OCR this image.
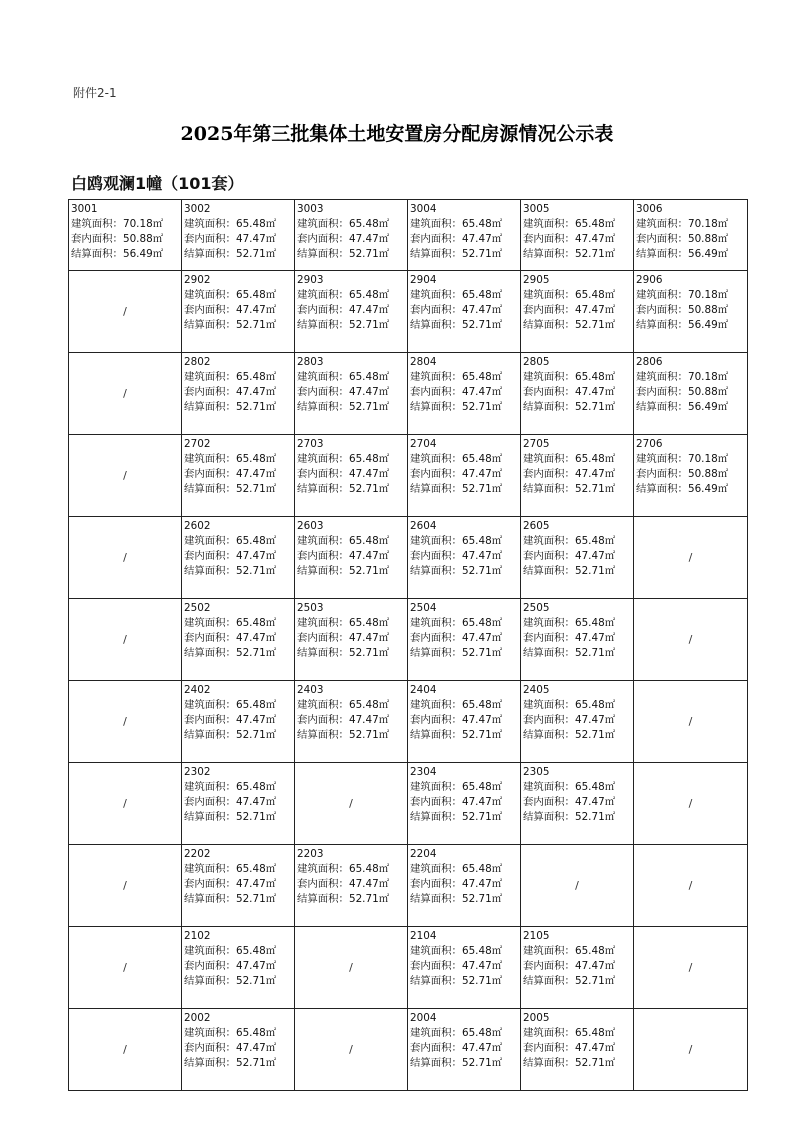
附件2-1
2025年第三批集体土地安置房分配房源情况公示表
白鸥观澜1幢（101套）
3001
建筑面积：70.18㎡
套内面积：50.88㎡
结算面积：56.49㎡	3002
建筑面积：65.48㎡
套内面积：47.47㎡
结算面积：52.71㎡	3003
建筑面积：65.48㎡
套内面积：47.47㎡
结算面积：52.71㎡	3004
建筑面积：65.48㎡
套内面积：47.47㎡
结算面积：52.71㎡	3005
建筑面积：65.48㎡
套内面积：47.47㎡
结算面积：52.71㎡	3006
建筑面积：70.18㎡
套内面积：50.88㎡
结算面积：56.49㎡

/	2902
建筑面积：65.48㎡
套内面积：47.47㎡
结算面积：52.71㎡	2903
建筑面积：65.48㎡
套内面积：47.47㎡
结算面积：52.71㎡	2904
建筑面积：65.48㎡
套内面积：47.47㎡
结算面积：52.71㎡	2905
建筑面积：65.48㎡
套内面积：47.47㎡
结算面积：52.71㎡	2906
建筑面积：70.18㎡
套内面积：50.88㎡
结算面积：56.49㎡

/	2802
建筑面积：65.48㎡
套内面积：47.47㎡
结算面积：52.71㎡	2803
建筑面积：65.48㎡
套内面积：47.47㎡
结算面积：52.71㎡	2804
建筑面积：65.48㎡
套内面积：47.47㎡
结算面积：52.71㎡	2805
建筑面积：65.48㎡
套内面积：47.47㎡
结算面积：52.71㎡	2806
建筑面积：70.18㎡
套内面积：50.88㎡
结算面积：56.49㎡

/	2702
建筑面积：65.48㎡
套内面积：47.47㎡
结算面积：52.71㎡	2703
建筑面积：65.48㎡
套内面积：47.47㎡
结算面积：52.71㎡	2704
建筑面积：65.48㎡
套内面积：47.47㎡
结算面积：52.71㎡	2705
建筑面积：65.48㎡
套内面积：47.47㎡
结算面积：52.71㎡	2706
建筑面积：70.18㎡
套内面积：50.88㎡
结算面积：56.49㎡

/	2602
建筑面积：65.48㎡
套内面积：47.47㎡
结算面积：52.71㎡	2603
建筑面积：65.48㎡
套内面积：47.47㎡
结算面积：52.71㎡	2604
建筑面积：65.48㎡
套内面积：47.47㎡
结算面积：52.71㎡	2605
建筑面积：65.48㎡
套内面积：47.47㎡
结算面积：52.71㎡	/
/	2502
建筑面积：65.48㎡
套内面积：47.47㎡
结算面积：52.71㎡	2503
建筑面积：65.48㎡
套内面积：47.47㎡
结算面积：52.71㎡	2504
建筑面积：65.48㎡
套内面积：47.47㎡
结算面积：52.71㎡	2505
建筑面积：65.48㎡
套内面积：47.47㎡
结算面积：52.71㎡	/
/	2402
建筑面积：65.48㎡
套内面积：47.47㎡
结算面积：52.71㎡	2403
建筑面积：65.48㎡
套内面积：47.47㎡
结算面积：52.71㎡	2404
建筑面积：65.48㎡
套内面积：47.47㎡
结算面积：52.71㎡	2405
建筑面积：65.48㎡
套内面积：47.47㎡
结算面积：52.71㎡	/
/	2302
建筑面积：65.48㎡
套内面积：47.47㎡
结算面积：52.71㎡	/	2304
建筑面积：65.48㎡
套内面积：47.47㎡
结算面积：52.71㎡	2305
建筑面积：65.48㎡
套内面积：47.47㎡
结算面积：52.71㎡	/
/	2202
建筑面积：65.48㎡
套内面积：47.47㎡
结算面积：52.71㎡	2203
建筑面积：65.48㎡
套内面积：47.47㎡
结算面积：52.71㎡	2204
建筑面积：65.48㎡
套内面积：47.47㎡
结算面积：52.71㎡	/	/
/	2102
建筑面积：65.48㎡
套内面积：47.47㎡
结算面积：52.71㎡	/	2104
建筑面积：65.48㎡
套内面积：47.47㎡
结算面积：52.71㎡	2105
建筑面积：65.48㎡
套内面积：47.47㎡
结算面积：52.71㎡	/
/	2002
建筑面积：65.48㎡
套内面积：47.47㎡
结算面积：52.71㎡	/	2004
建筑面积：65.48㎡
套内面积：47.47㎡
结算面积：52.71㎡	2005
建筑面积：65.48㎡
套内面积：47.47㎡
结算面积：52.71㎡	/
